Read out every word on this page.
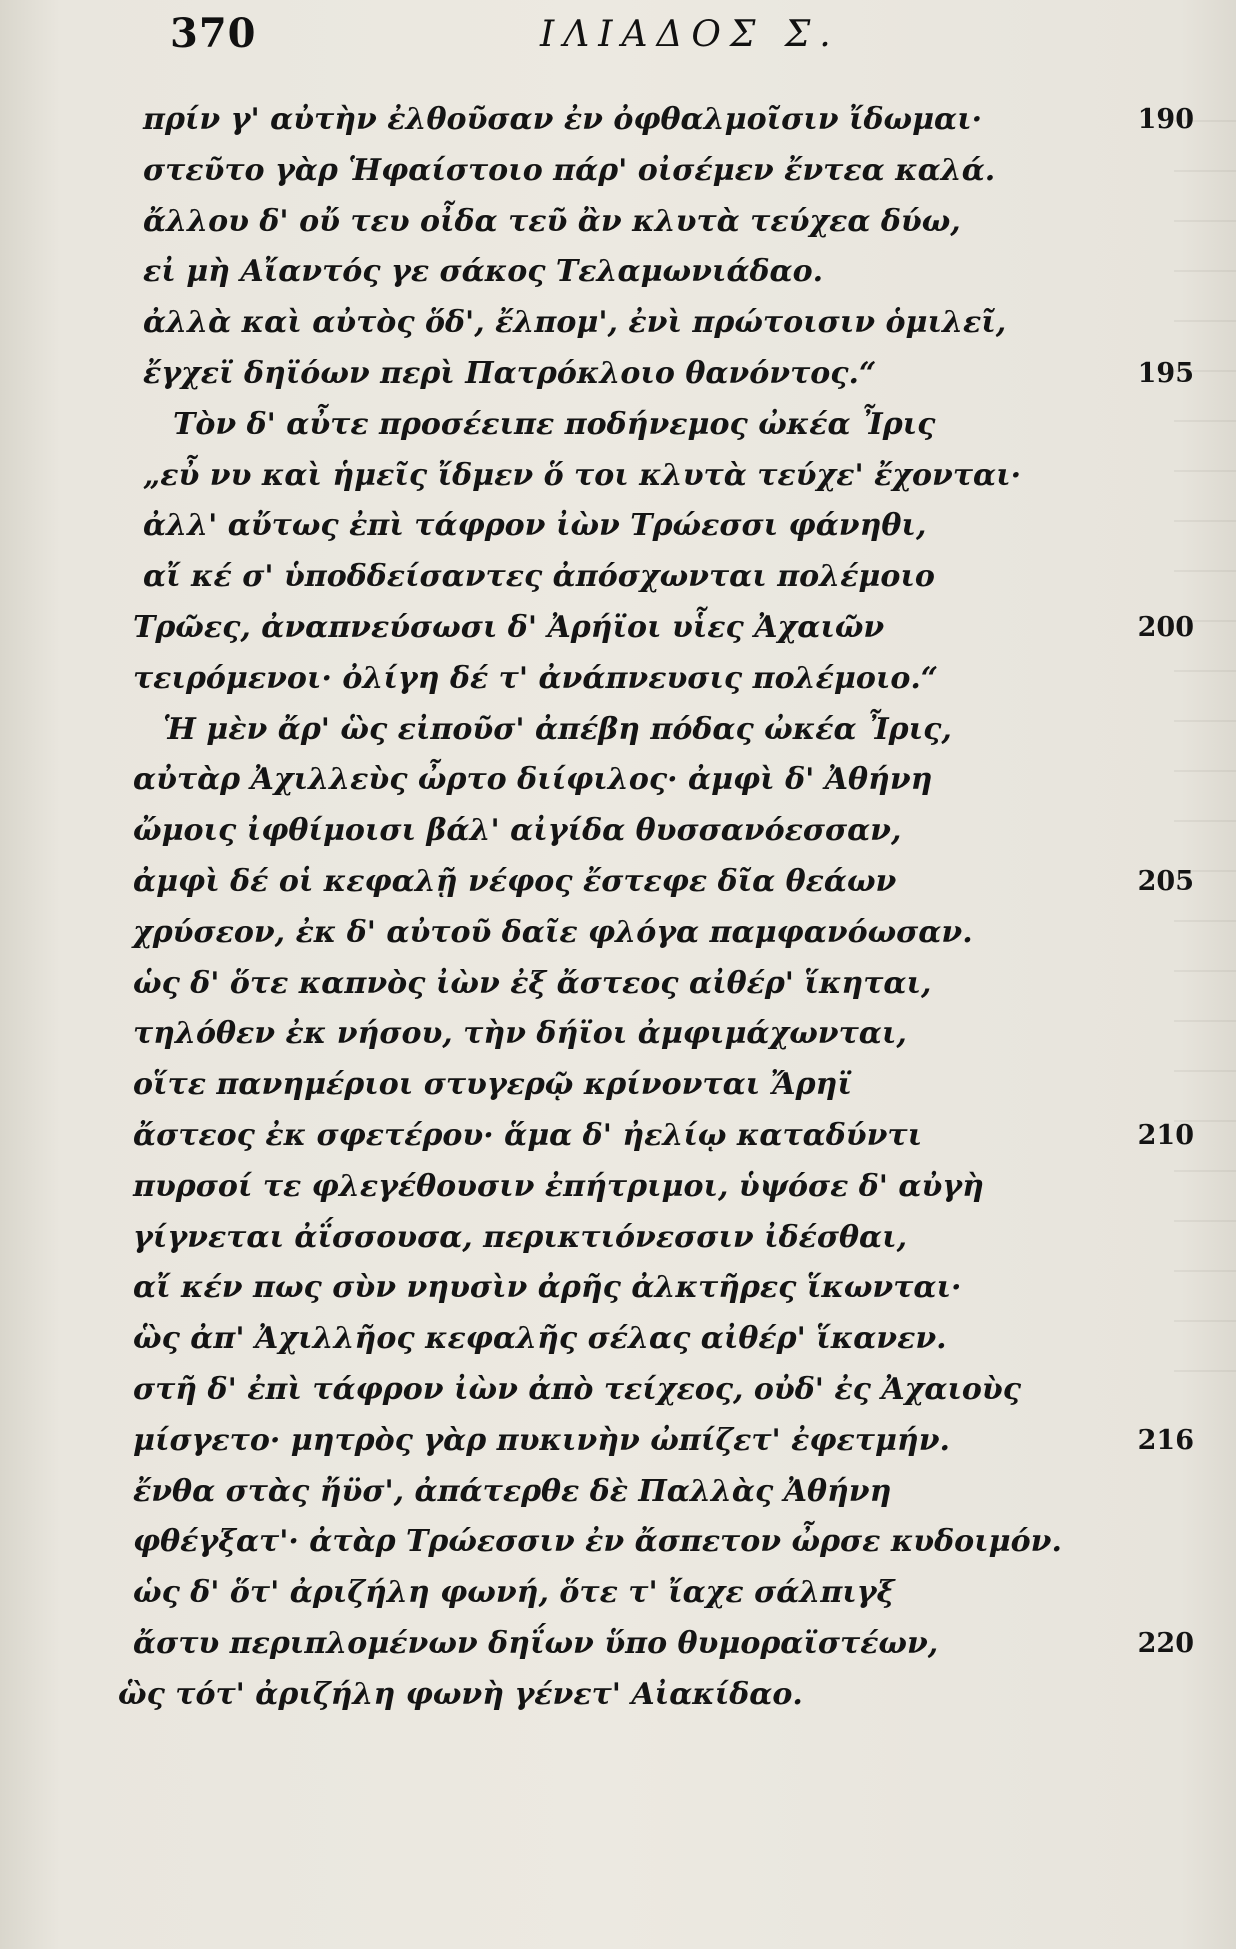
370	ΙΛΙΑΔΟΣ Σ.
πρίν γ' αὐτὴν ἐλθοῦσαν ἐν ὀφθαλμοῖσιν ἴδωμαι·	190
στεῦτο γὰρ Ἡφαίστοιο πάρ' οἰσέμεν ἔντεα καλά.
ἄλλου δ' οὔ τευ οἶδα τεῦ ἂν κλυτὰ τεύχεα δύω,
εἰ μὴ Αἴαντός γε σάκος Τελαμωνιάδαο.
ἀλλὰ καὶ αὐτὸς ὅδ', ἔλπομ', ἐνὶ πρώτοισιν ὁμιλεῖ,
ἔγχεϊ δηϊόων περὶ Πατρόκλοιο θανόντος.“	195
Τὸν δ' αὖτε προσέειπε ποδήνεμος ὠκέα Ἶρις
„εὖ νυ καὶ ἡμεῖς ἴδμεν ὅ τοι κλυτὰ τεύχε' ἔχονται·
ἀλλ' αὔτως ἐπὶ τάφρον ἰὼν Τρώεσσι φάνηθι,
αἴ κέ σ' ὑποδδείσαντες ἀπόσχωνται πολέμοιο
Τρῶες, ἀναπνεύσωσι δ' Ἀρήϊοι υἷες Ἀχαιῶν	200
τειρόμενοι· ὀλίγη δέ τ' ἀνάπνευσις πολέμοιο.“
Ἡ μὲν ἄρ' ὣς εἰποῦσ' ἀπέβη πόδας ὠκέα Ἶρις,
αὐτὰρ Ἀχιλλεὺς ὦρτο διίφιλος· ἀμφὶ δ' Ἀθήνη
ὤμοις ἰφθίμοισι βάλ' αἰγίδα θυσσανόεσσαν,
ἀμφὶ δέ οἱ κεφαλῇ νέφος ἔστεφε δῖα θεάων	205
χρύσεον, ἐκ δ' αὐτοῦ δαῖε φλόγα παμφανόωσαν.
ὡς δ' ὅτε καπνὸς ἰὼν ἐξ ἄστεος αἰθέρ' ἵκηται,
τηλόθεν ἐκ νήσου, τὴν δήϊοι ἀμφιμάχωνται,
οἵτε πανημέριοι στυγερῷ κρίνονται Ἄρηϊ
ἄστεος ἐκ σφετέρου· ἅμα δ' ἠελίῳ καταδύντι	210
πυρσοί τε φλεγέθουσιν ἐπήτριμοι, ὑψόσε δ' αὐγὴ
γίγνεται ἀΐσσουσα, περικτιόνεσσιν ἰδέσθαι,
αἴ κέν πως σὺν νηυσὶν ἀρῆς ἀλκτῆρες ἵκωνται·
ὣς ἀπ' Ἀχιλλῆος κεφαλῆς σέλας αἰθέρ' ἵκανεν.
στῆ δ' ἐπὶ τάφρον ἰὼν ἀπὸ τείχεος, οὐδ' ἐς Ἀχαιοὺς
μίσγετο· μητρὸς γὰρ πυκινὴν ὠπίζετ' ἐφετμήν.	216
ἔνθα στὰς ἤϋσ', ἀπάτερθε δὲ Παλλὰς Ἀθήνη
φθέγξατ'· ἀτὰρ Τρώεσσιν ἐν ἄσπετον ὦρσε κυδοιμόν.
ὡς δ' ὅτ' ἀριζήλη φωνή, ὅτε τ' ἴαχε σάλπιγξ
ἄστυ περιπλομένων δηΐων ὕπο θυμοραϊστέων,	220
ὣς τότ' ἀριζήλη φωνὴ γένετ' Αἰακίδαο.
